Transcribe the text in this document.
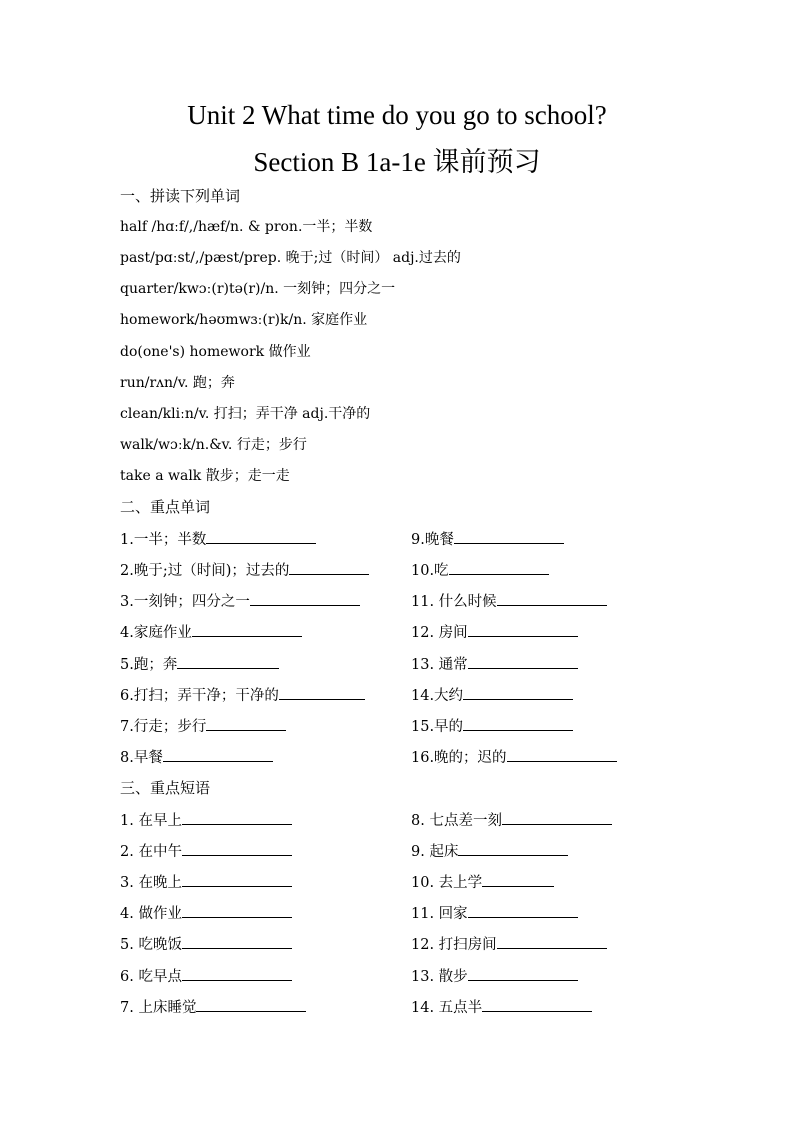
Unit 2 What time do you go to school?
Section B 1a-1e 课前预习
一、拼读下列单词
half /hɑːf/,/hæf/n. & pron.一半；半数
past/pɑːst/,/pæst/prep. 晚于;过（时间） adj.过去的
quarter/kwɔː(r)tə(r)/n. 一刻钟；四分之一
homework/həʊmwɜː(r)k/n. 家庭作业
do(one's) homework 做作业
run/rʌn/v. 跑；奔
clean/kliːn/v. 打扫；弄干净 adj.干净的
walk/wɔːk/n.&v. 行走；步行
take a walk 散步；走一走
二、重点单词
1.一半；半数	9.晚餐
2.晚于;过（时间)；过去的	10.吃
3.一刻钟；四分之一	11. 什么时候
4.家庭作业	12. 房间
5.跑；奔	13. 通常
6.打扫；弄干净；干净的	14.大约
7.行走；步行	15.早的
8.早餐	16.晚的；迟的
三、重点短语
1. 在早上	8. 七点差一刻
2. 在中午	9. 起床
3. 在晚上	10. 去上学
4. 做作业	11. 回家
5. 吃晚饭	12. 打扫房间
6. 吃早点	13. 散步
7. 上床睡觉	14. 五点半
